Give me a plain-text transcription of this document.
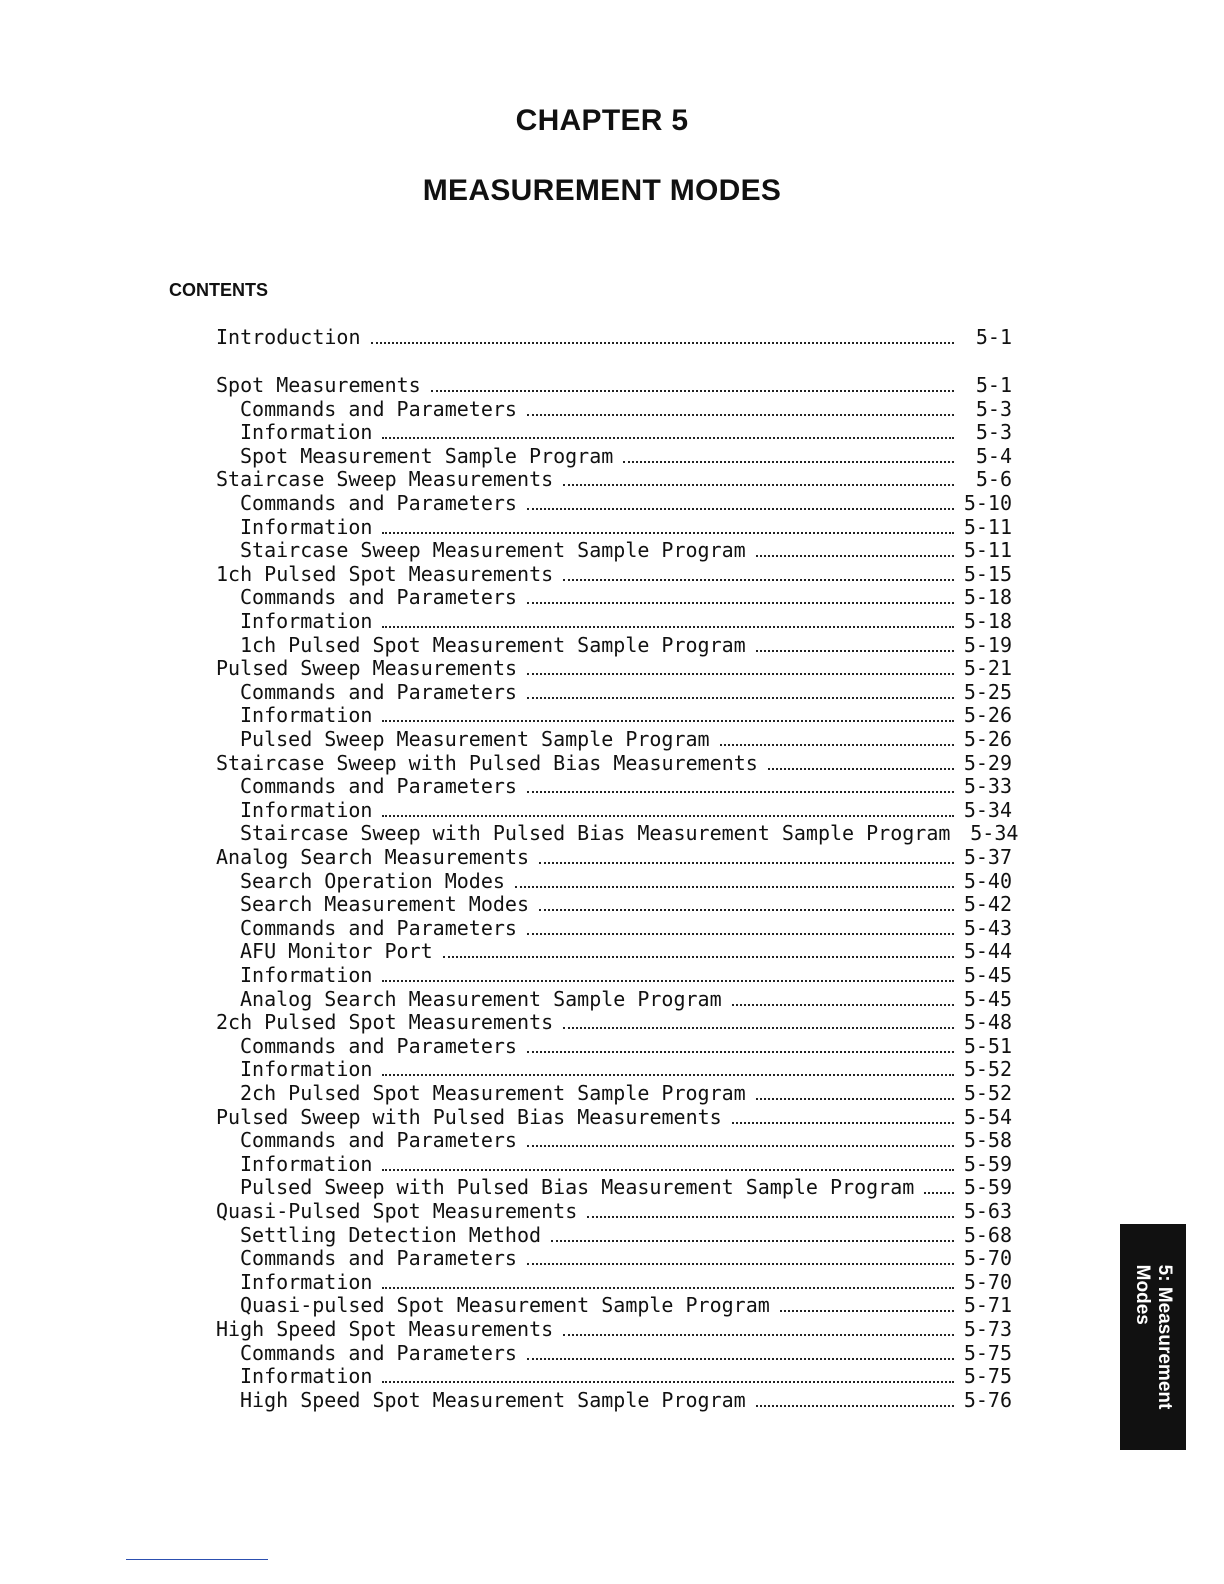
CHAPTER 5
MEASUREMENT MODES
CONTENTS
Introduction	5-1
Spot Measurements	5-1
Commands and Parameters	5-3
Information	5-3
Spot Measurement Sample Program	5-4
Staircase Sweep Measurements	5-6
Commands and Parameters	5-10
Information	5-11
Staircase Sweep Measurement Sample Program	5-11
1ch Pulsed Spot Measurements	5-15
Commands and Parameters	5-18
Information	5-18
1ch Pulsed Spot Measurement Sample Program	5-19
Pulsed Sweep Measurements	5-21
Commands and Parameters	5-25
Information	5-26
Pulsed Sweep Measurement Sample Program	5-26
Staircase Sweep with Pulsed Bias Measurements	5-29
Commands and Parameters	5-33
Information	5-34
Staircase Sweep with Pulsed Bias Measurement Sample Program 5-34
Analog Search Measurements	5-37
Search Operation Modes	5-40
Search Measurement Modes	5-42
Commands and Parameters	5-43
AFU Monitor Port	5-44
Information	5-45
Analog Search Measurement Sample Program	5-45
2ch Pulsed Spot Measurements	5-48
Commands and Parameters	5-51
Information	5-52
2ch Pulsed Spot Measurement Sample Program	5-52
Pulsed Sweep with Pulsed Bias Measurements	5-54
Commands and Parameters	5-58
Information	5-59
Pulsed Sweep with Pulsed Bias Measurement Sample Program	5-59
Quasi-Pulsed Spot Measurements	5-63
Settling Detection Method	5-68
Commands and Parameters	5-70
Information	5-70
Quasi-pulsed Spot Measurement Sample Program	5-71
High Speed Spot Measurements	5-73
Commands and Parameters	5-75
Information	5-75
High Speed Spot Measurement Sample Program	5-76	5: Measurement
Modes
